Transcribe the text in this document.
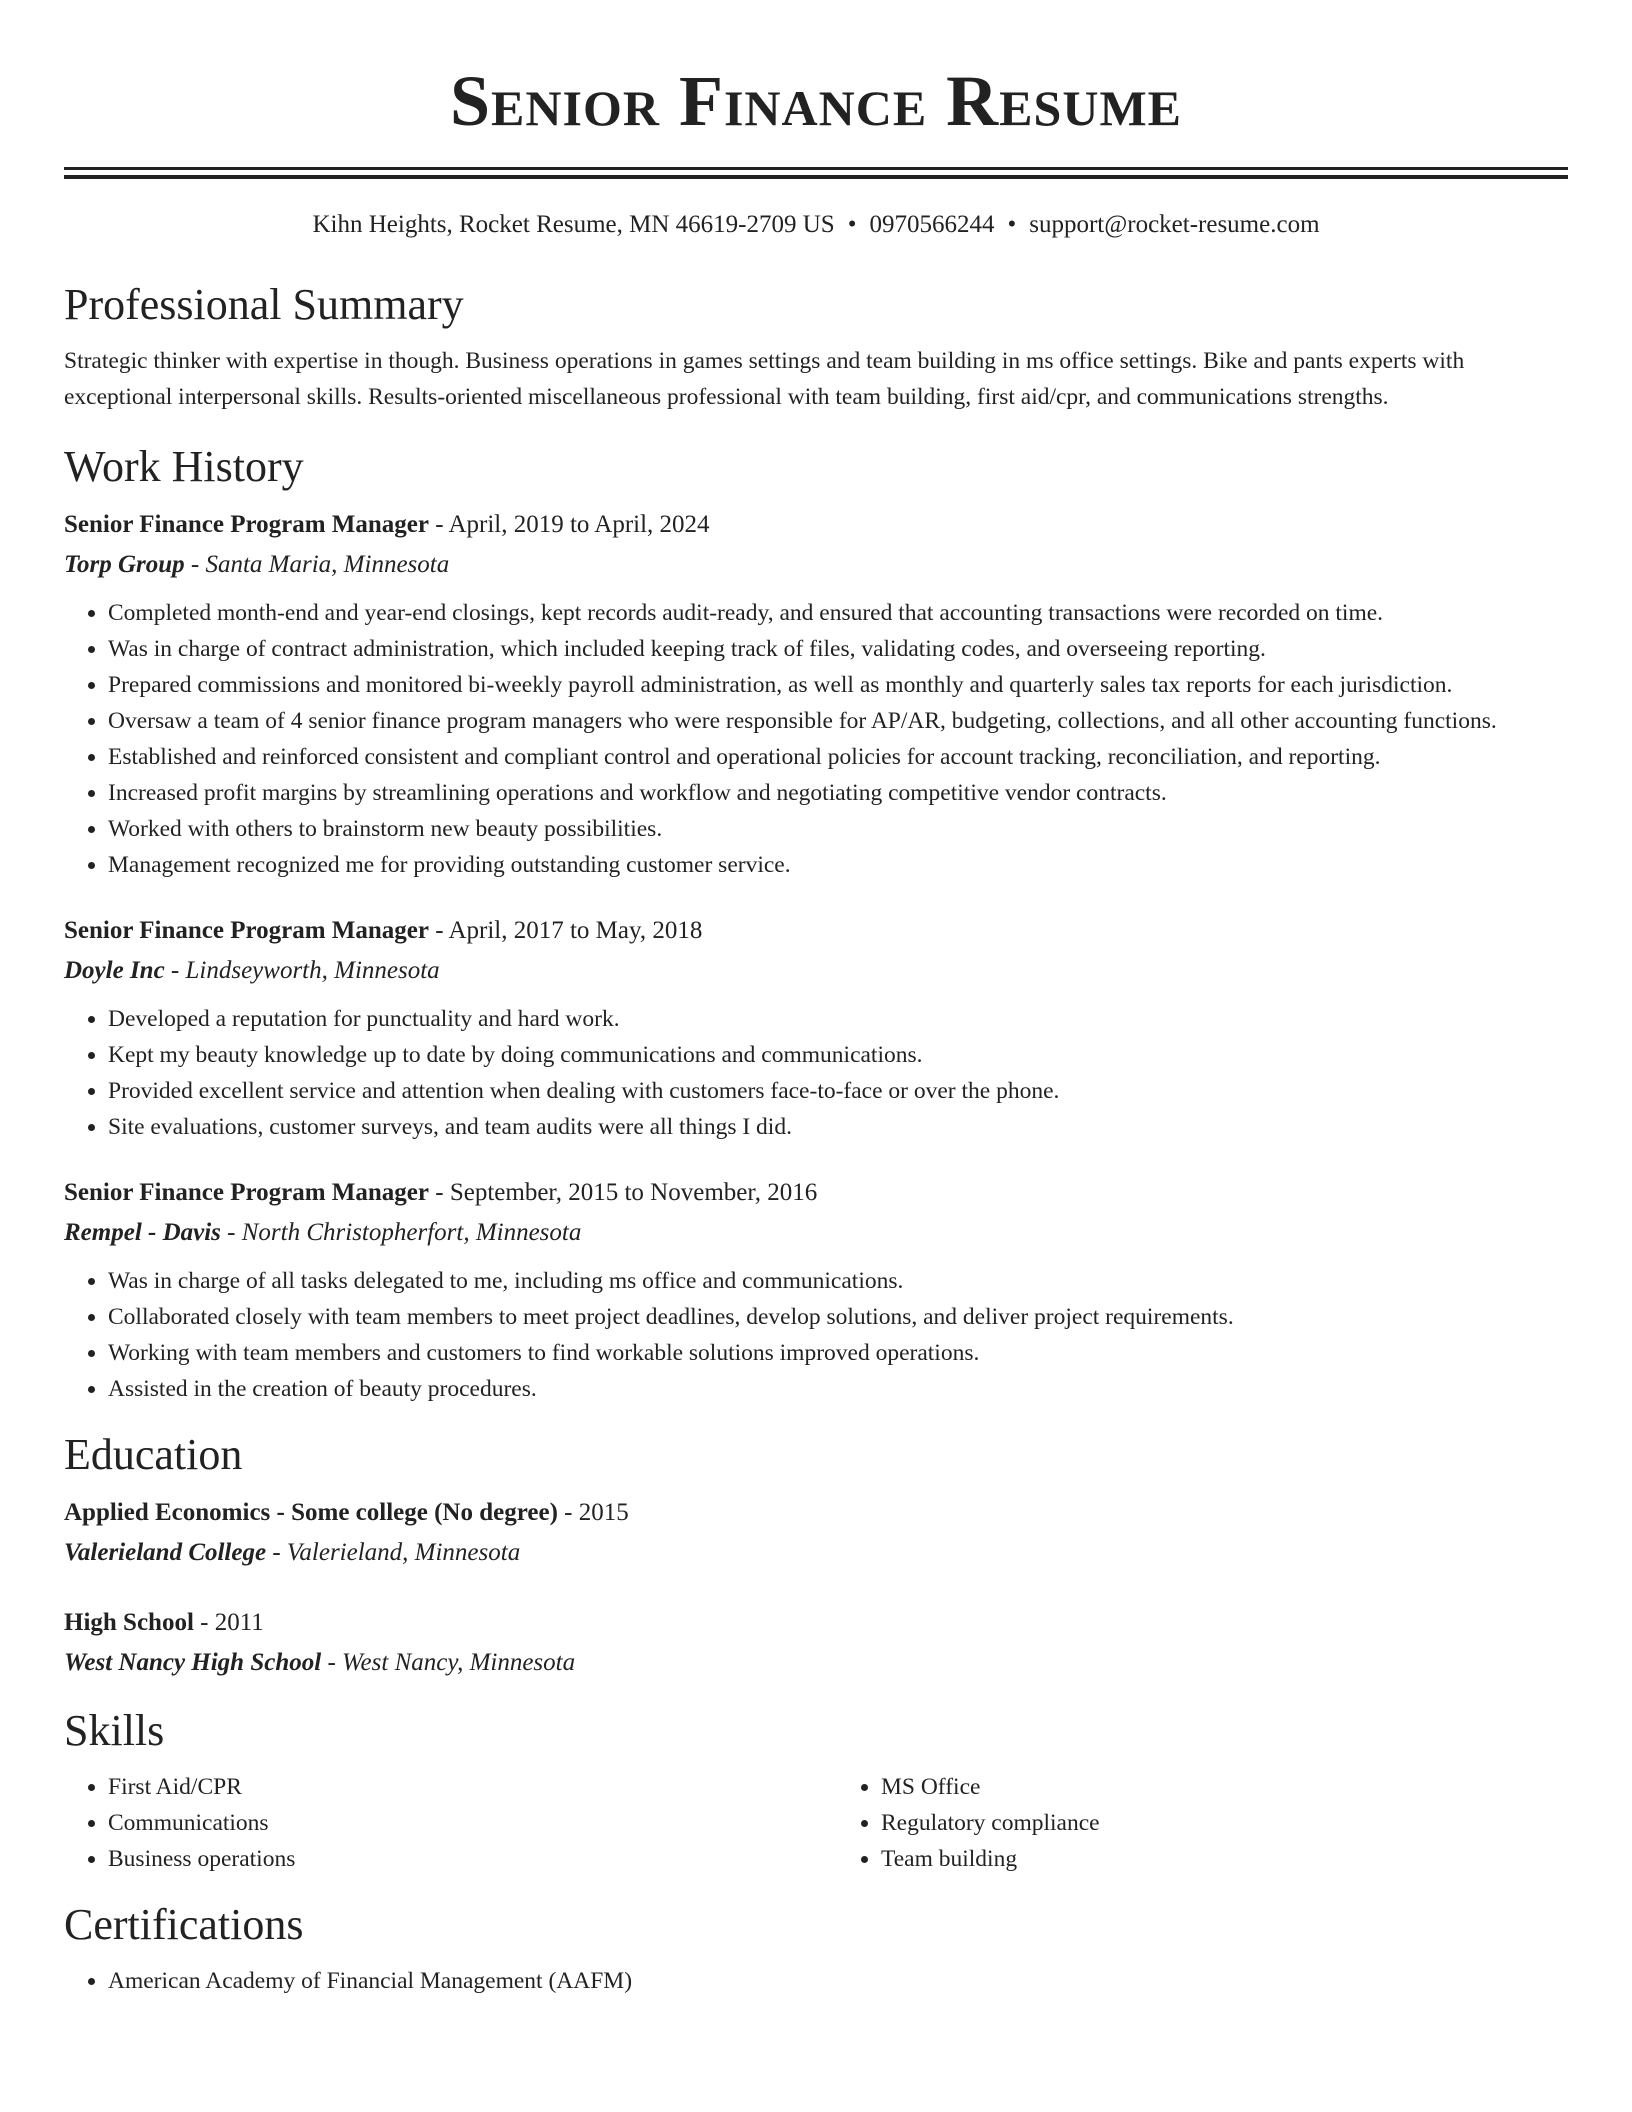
Senior Finance Resume
Kihn Heights, Rocket Resume, MN 46619-2709 US • 0970566244 • support@rocket-resume.com
Professional Summary

Strategic thinker with expertise in though. Business operations in games settings and team building in ms office settings. Bike and pants experts with exceptional interpersonal skills. Results-oriented miscellaneous professional with team building, first aid/cpr, and communications strengths.

Work History

Senior Finance Program Manager - April, 2019 to April, 2024

Torp Group - Santa Maria, Minnesota

• Completed month-end and year-end closings, kept records audit-ready, and ensured that accounting transactions were recorded on time.
• Was in charge of contract administration, which included keeping track of files, validating codes, and overseeing reporting.
• Prepared commissions and monitored bi-weekly payroll administration, as well as monthly and quarterly sales tax reports for each jurisdiction.
• Oversaw a team of 4 senior finance program managers who were responsible for AP/AR, budgeting, collections, and all other accounting functions.
• Established and reinforced consistent and compliant control and operational policies for account tracking, reconciliation, and reporting.
• Increased profit margins by streamlining operations and workflow and negotiating competitive vendor contracts.
• Worked with others to brainstorm new beauty possibilities.
• Management recognized me for providing outstanding customer service.

Senior Finance Program Manager - April, 2017 to May, 2018

Doyle Inc - Lindseyworth, Minnesota

• Developed a reputation for punctuality and hard work.
• Kept my beauty knowledge up to date by doing communications and communications.
• Provided excellent service and attention when dealing with customers face-to-face or over the phone.
• Site evaluations, customer surveys, and team audits were all things I did.

Senior Finance Program Manager - September, 2015 to November, 2016

Rempel - Davis - North Christopherfort, Minnesota

• Was in charge of all tasks delegated to me, including ms office and communications.
• Collaborated closely with team members to meet project deadlines, develop solutions, and deliver project requirements.
• Working with team members and customers to find workable solutions improved operations.
• Assisted in the creation of beauty procedures.
Education

Applied Economics - Some college (No degree) - 2015

Valerieland College - Valerieland, Minnesota

High School - 2011

West Nancy High School - West Nancy, Minnesota

Skills
• First Aid/CPR
• Communications
• Business operations
• MS Office
• Regulatory compliance
• Team building
Certifications
• American Academy of Financial Management (AAFM)
